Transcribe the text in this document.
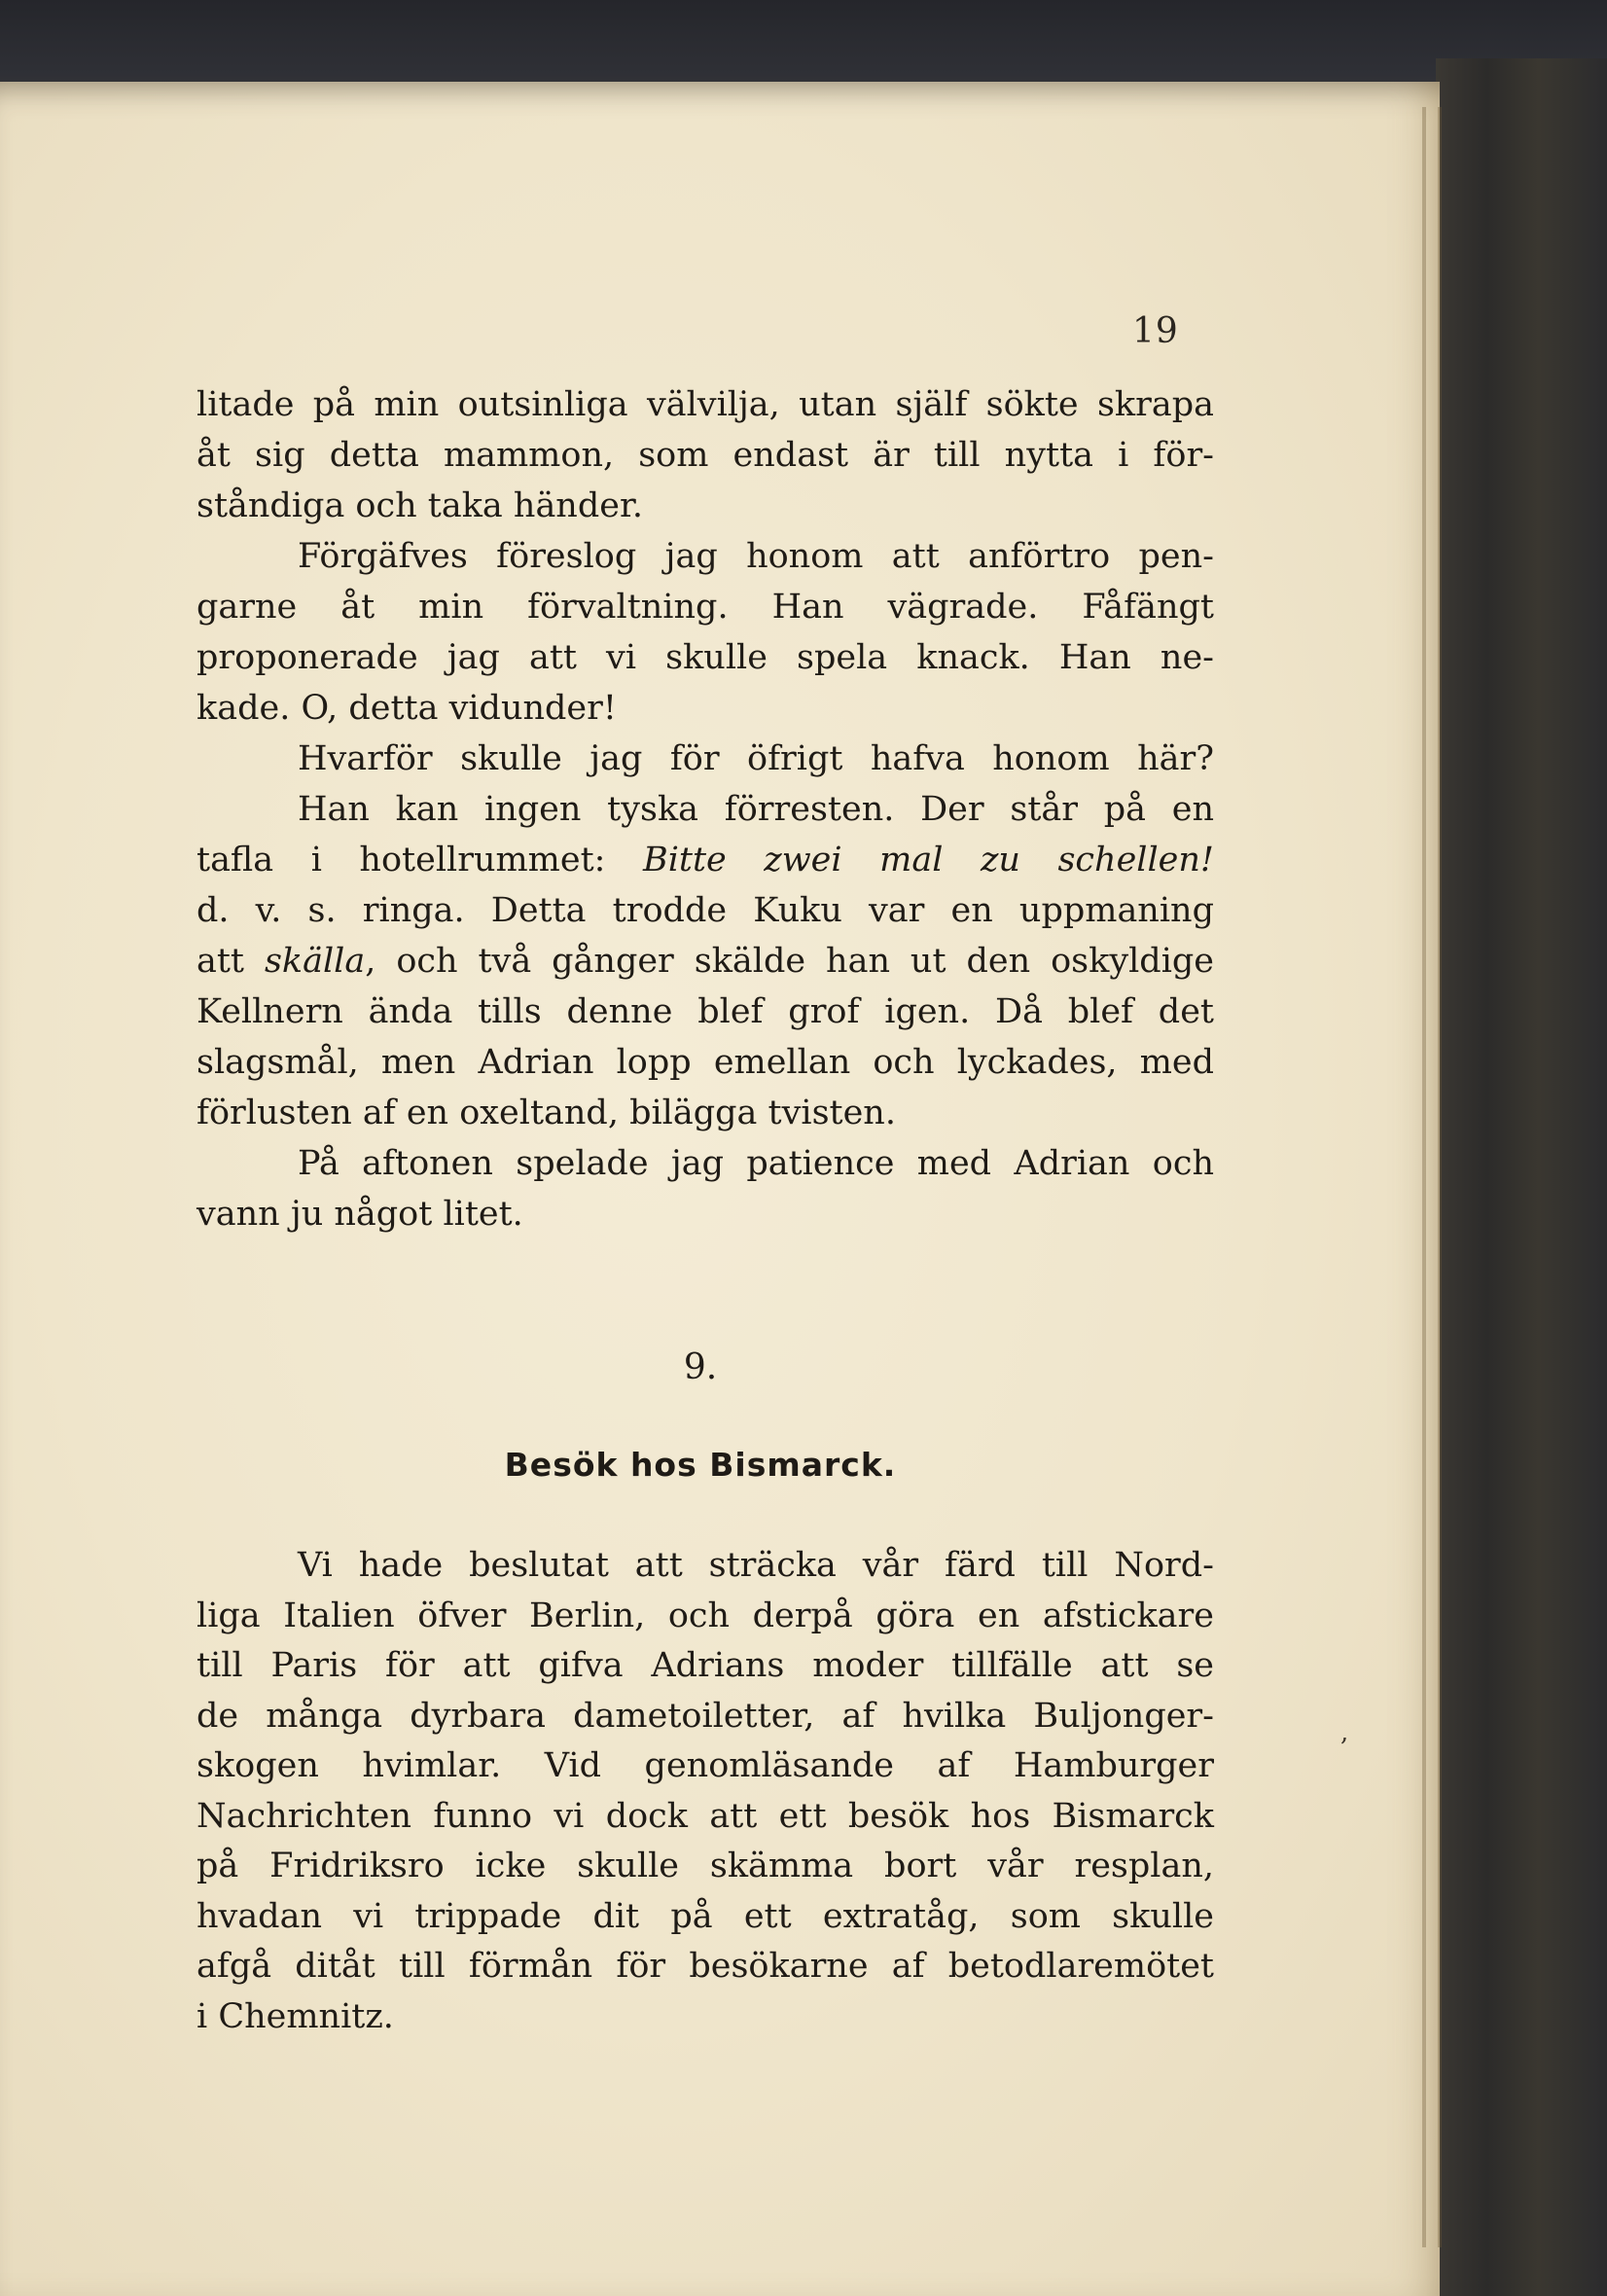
19
litade på min outsinliga välvilja, utan själf sökte skrapa
åt sig detta mammon, som endast är till nytta i för-
ståndiga och taka händer.
Förgäfves föreslog jag honom att anförtro pen-
garne åt min förvaltning. Han vägrade. Fåfängt
proponerade jag att vi skulle spela knack. Han ne-
kade. O, detta vidunder!
Hvarför skulle jag för öfrigt hafva honom här?
Han kan ingen tyska förresten. Der står på en
tafla i hotellrummet: Bitte zwei mal zu schellen!
d. v. s. ringa. Detta trodde Kuku var en uppmaning
att skälla, och två gånger skälde han ut den oskyldige
Kellnern ända tills denne blef grof igen. Då blef det
slagsmål, men Adrian lopp emellan och lyckades, med
förlusten af en oxeltand, bilägga tvisten.
På aftonen spelade jag patience med Adrian och
vann ju något litet.
9.
Besök hos Bismarck.
Vi hade beslutat att sträcka vår färd till Nord-
liga Italien öfver Berlin, och derpå göra en afstickare
till Paris för att gifva Adrians moder tillfälle att se
de många dyrbara dametoiletter, af hvilka Buljonger-
skogen hvimlar. Vid genomläsande af Hamburger
Nachrichten funno vi dock att ett besök hos Bismarck
på Fridriksro icke skulle skämma bort vår resplan,
hvadan vi trippade dit på ett extratåg, som skulle
afgå ditåt till förmån för besökarne af betodlaremötet
i Chemnitz.
,
